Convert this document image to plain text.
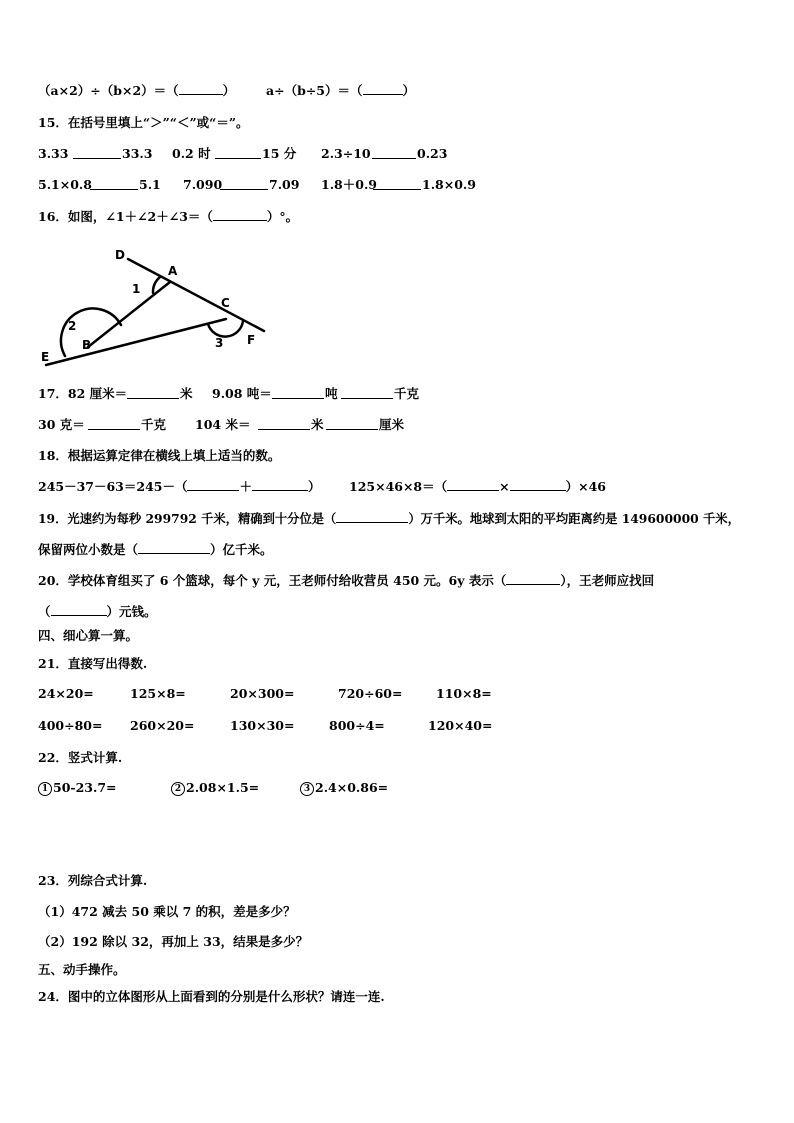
（a×2）÷（b×2）＝（	） a÷（b÷5）＝（	）
15．在括号里填上“＞”“＜”或“＝”。
3.33	33.3 0.2 时	15 分 2.3÷10	0.23
5.1×0.8	5.1 7.090	7.09 1.8＋0.9	1.8×0.9
16．如图，∠1＋∠2＋∠3＝（	）°。
D
A
C
F
E
B
1
2
3
17．82 厘米＝	米 9.08 吨＝	吨	千克
30 克＝	千克 104 米＝	米	厘米
18．根据运算定律在横线上填上适当的数。
245－37－63＝245－（	＋	） 125×46×8＝（	×	）×46
19．光速约为每秒 299792 千米，精确到十分位是（	）万千米。地球到太阳的平均距离约是 149600000 千米，
保留两位小数是（	）亿千米。
20．学校体育组买了 6 个篮球，每个 y 元，王老师付给收营员 450 元。6y 表示（	），王老师应找回
（	）元钱。
四、细心算一算。
21．直接写出得数.
24×20=	125×8=	20×300=	720÷60=	110×8=
400÷80= 260×20=	130×30=	800÷4=	120×40=
22．竖式计算.
1 50-23.7=	2 2.08×1.5=	3 2.4×0.86=
23．列综合式计算.
（1）472 减去 50 乘以 7 的积，差是多少？
（2）192 除以 32，再加上 33，结果是多少？
五、动手操作。
24．图中的立体图形从上面看到的分别是什么形状？请连一连.
